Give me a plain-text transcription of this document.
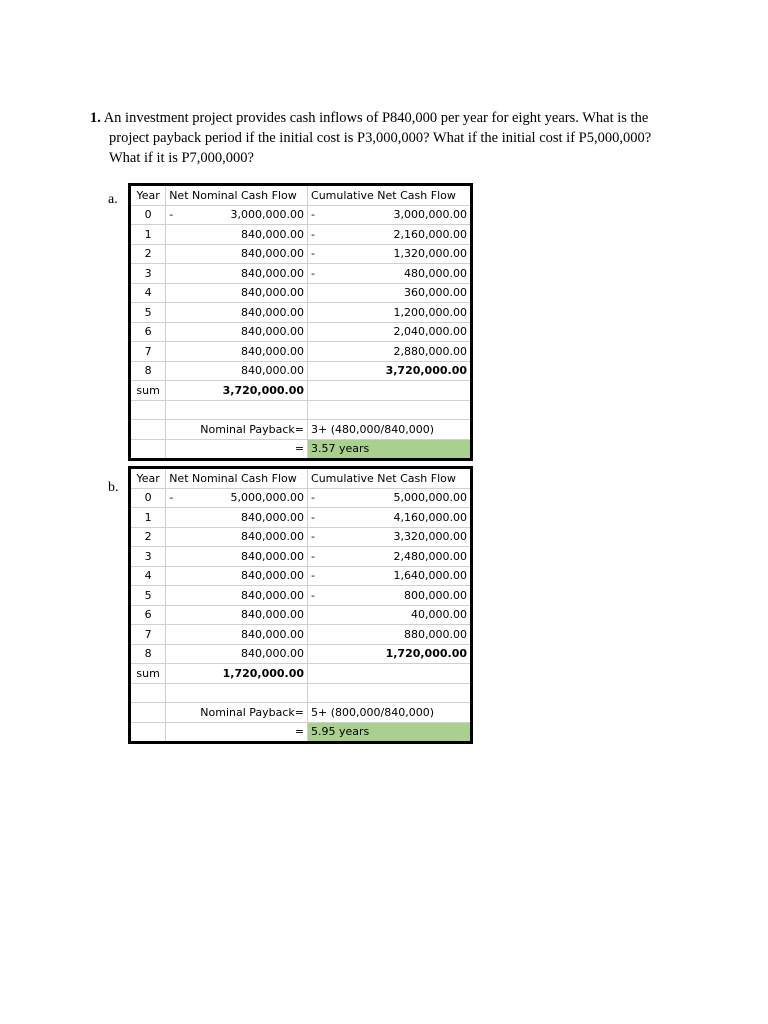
1. An investment project provides cash inflows of P840,000 per year for eight years. What is the
project payback period if the initial cost is P3,000,000? What if the initial cost if P5,000,000?
What if it is P7,000,000?
a. Year	Net Nominal Cash Flow	Cumulative Net Cash Flow
0	- 3,000,000.00	- 3,000,000.00

1	840,000.00	- 2,160,000.00

2	840,000.00	- 1,320,000.00

3	840,000.00	- 480,000.00

4	840,000.00	360,000.00

5	840,000.00	1,200,000.00

6	840,000.00	2,040,000.00

7	840,000.00	2,880,000.00

8	840,000.00	3,720,000.00

sum	3,720,000.00	

	Nominal Payback=	3+ (480,000/840,000)
	=	3.57 years
b.
Year	Net Nominal Cash Flow	Cumulative Net Cash Flow
0	- 5,000,000.00	- 5,000,000.00

1	840,000.00	- 4,160,000.00

2	840,000.00	- 3,320,000.00

3	840,000.00	- 2,480,000.00

4	840,000.00	- 1,640,000.00

5	840,000.00	- 800,000.00

6	840,000.00	40,000.00

7	840,000.00	880,000.00

8	840,000.00	1,720,000.00

sum	1,720,000.00	

	Nominal Payback=	5+ (800,000/840,000)
	=	5.95 years
